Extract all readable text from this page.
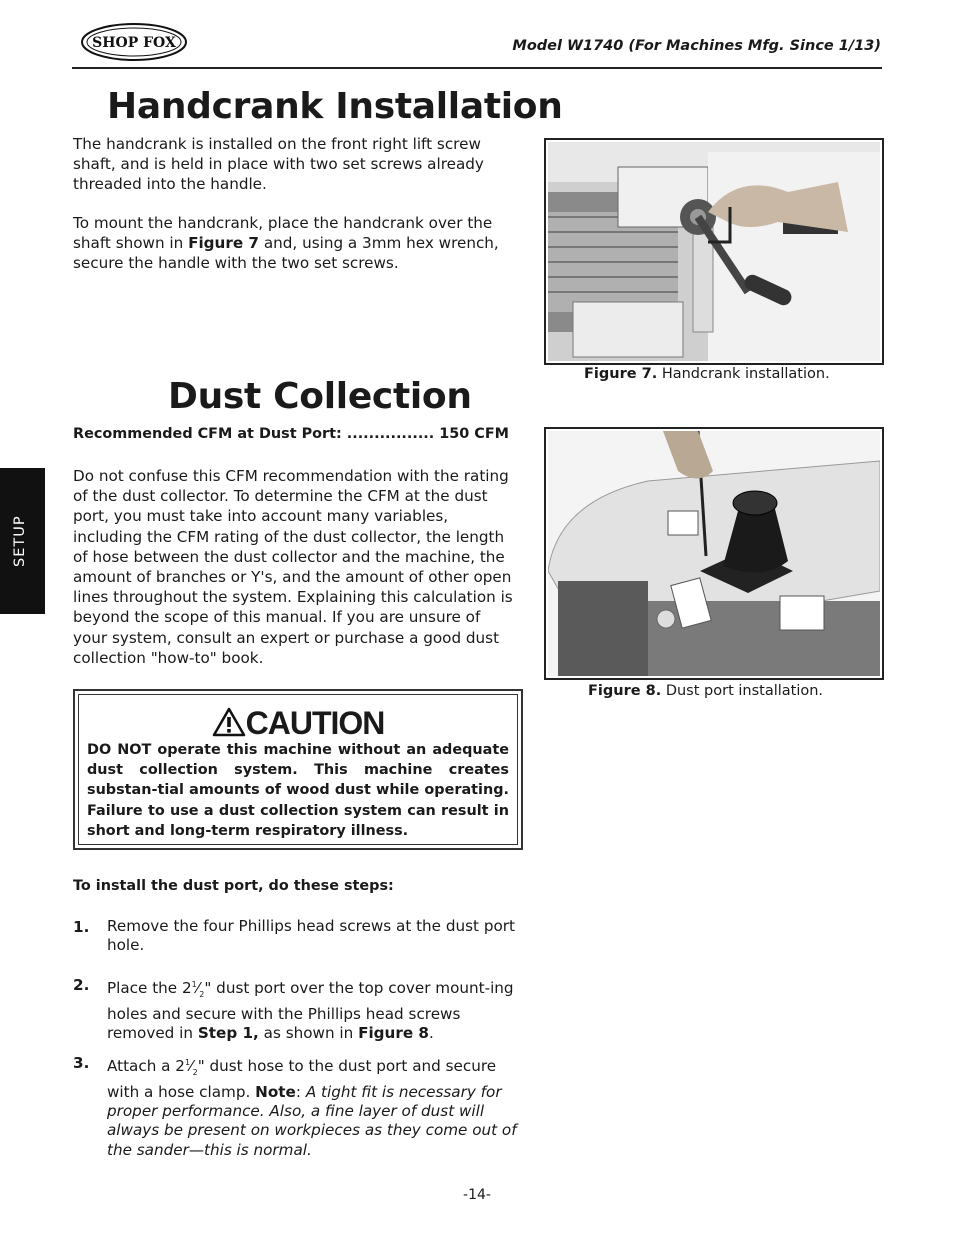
SHOP FOX	Model W1740 (For Machines Mfg. Since 1/13)
SETUP
Handcrank Installation

The handcrank is installed on the front right lift screw shaft, and is held in place with two set screws already threaded into the handle.

To mount the handcrank, place the handcrank over the shaft shown in Figure 7 and, using a 3mm hex wrench, secure the handle with the two set screws.

Figure 7. Handcrank installation.
Dust Collection
Recommended CFM at Dust Port: ................ 150 CFM

Do not confuse this CFM recommendation with the rating of the dust collector. To determine the CFM at the dust port, you must take into account many variables, including the CFM rating of the dust collector, the length of hose between the dust collector and the machine, the amount of branches or Y's, and the amount of other open lines throughout the system. Explaining this calculation is beyond the scope of this manual. If you are unsure of your system, consult an expert or purchase a good dust collection "how-to" book.

CAUTION
DO NOT operate this machine without an adequate dust collection system. This machine creates substan-tial amounts of wood dust while operating. Failure to use a dust collection system can result in short and long-term respiratory illness.
Figure 8. Dust port installation.
To install the dust port, do these steps:
1. Remove the four Phillips head screws at the dust port hole.
2. Place the $2^1⁄_2$" dust port over the top cover mount-ing holes and secure with the Phillips head screws removed in Step 1, as shown in Figure 8.
3. Attach a $2^1⁄_2$" dust hose to the dust port and secure with a hose clamp. Note: A tight fit is necessary for proper performance. Also, a fine layer of dust will always be present on workpieces as they come out of the sander—this is normal.
-14-
